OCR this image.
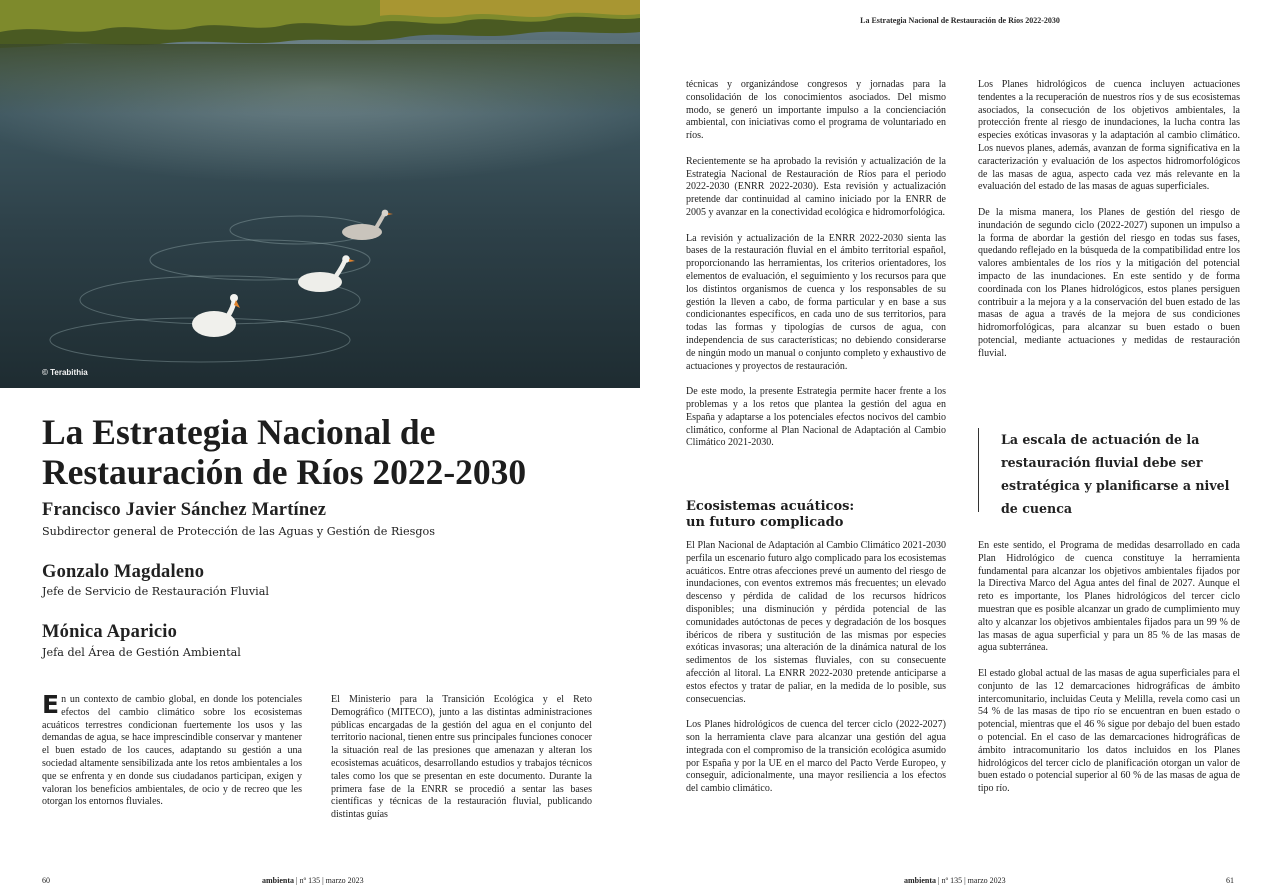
© Terabithia
La Estrategia Nacional de Restauración de Ríos 2022-2030
La Estrategia Nacional de
Restauración de Ríos 2022-2030
Francisco Javier Sánchez Martínez
Subdirector general de Protección de las Aguas y Gestión de Riesgos
Gonzalo Magdaleno
Jefe de Servicio de Restauración Fluvial
Mónica Aparicio
Jefa del Área de Gestión Ambiental

En un contexto de cambio global, en donde los potenciales efectos del cambio climático sobre los ecosistemas acuáticos terrestres condicionan fuertemente los usos y las demandas de agua, se hace imprescindible conservar y mantener el buen estado de los cauces, adaptando su gestión a una sociedad altamente sensibilizada ante los retos ambientales a los que se enfrenta y en donde sus ciudadanos participan, exigen y valoran los beneficios ambientales, de ocio y de recreo que les otorgan los entornos fluviales.

El Ministerio para la Transición Ecológica y el Reto Demográfico (MITECO), junto a las distintas administraciones públicas encargadas de la gestión del agua en el conjunto del territorio nacional, tienen entre sus principales funciones conocer la situación real de las presiones que amenazan y alteran los ecosistemas acuáticos, desarrollando estudios y trabajos técnicos tales como los que se presentan en este documento. Durante la primera fase de la ENRR se procedió a sentar las bases científicas y técnicas de la restauración fluvial, publicando distintas guías

técnicas y organizándose congresos y jornadas para la consolidación de los conocimientos asociados. Del mismo modo, se generó un importante impulso a la concienciación ambiental, con iniciativas como el programa de voluntariado en ríos.

Recientemente se ha aprobado la revisión y actualización de la Estrategia Nacional de Restauración de Ríos para el periodo 2022-2030 (ENRR 2022-2030). Esta revisión y actualización pretende dar continuidad al camino iniciado por la ENRR de 2005 y avanzar en la conectividad ecológica e hidromorfológica.

La revisión y actualización de la ENRR 2022-2030 sienta las bases de la restauración fluvial en el ámbito territorial español, proporcionando las herramientas, los criterios orientadores, los elementos de evaluación, el seguimiento y los recursos para que los distintos organismos de cuenca y los responsables de su gestión la lleven a cabo, de forma particular y en base a sus condicionantes específicos, en cada uno de sus territorios, para todas las formas y tipologías de cursos de agua, con independencia de sus características; no debiendo considerarse de ningún modo un manual o conjunto completo y exhaustivo de actuaciones y proyectos de restauración.

De este modo, la presente Estrategia permite hacer frente a los problemas y a los retos que plantea la gestión del agua en España y adaptarse a los potenciales efectos nocivos del cambio climático, conforme al Plan Nacional de Adaptación al Cambio Climático 2021-2030.

Ecosistemas acuáticos:
un futuro complicado

El Plan Nacional de Adaptación al Cambio Climático 2021-2030 perfila un escenario futuro algo complicado para los ecosistemas acuáticos. Entre otras afecciones prevé un aumento del riesgo de inundaciones, con eventos extremos más frecuentes; un elevado descenso y pérdida de calidad de los recursos hídricos disponibles; una disminución y pérdida potencial de las comunidades autóctonas de peces y degradación de los bosques ibéricos de ribera y sustitución de las mismas por especies exóticas invasoras; una alteración de la dinámica natural de los sedimentos de los sistemas fluviales, con su consecuente afección al litoral. La ENRR 2022-2030 pretende anticiparse a estos efectos y tratar de paliar, en la medida de lo posible, sus consecuencias.

Los Planes hidrológicos de cuenca del tercer ciclo (2022-2027) son la herramienta clave para alcanzar una gestión del agua integrada con el compromiso de la transición ecológica asumido por España y por la UE en el marco del Pacto Verde Europeo, y conseguir, adicionalmente, una mayor resiliencia a los efectos del cambio climático.

Los Planes hidrológicos de cuenca incluyen actuaciones tendentes a la recuperación de nuestros ríos y de sus ecosistemas asociados, la consecución de los objetivos ambientales, la protección frente al riesgo de inundaciones, la lucha contra las especies exóticas invasoras y la adaptación al cambio climático. Los nuevos planes, además, avanzan de forma significativa en la caracterización y evaluación de los aspectos hidromorfológicos de las masas de agua, aspecto cada vez más relevante en la evaluación del estado de las masas de aguas superficiales.

De la misma manera, los Planes de gestión del riesgo de inundación de segundo ciclo (2022-2027) suponen un impulso a la forma de abordar la gestión del riesgo en todas sus fases, quedando reflejado en la búsqueda de la compatibilidad entre los valores ambientales de los ríos y la mitigación del potencial impacto de las inundaciones. En este sentido y de forma coordinada con los Planes hidrológicos, estos planes persiguen contribuir a la mejora y a la conservación del buen estado de las masas de agua a través de la mejora de sus condiciones hidromorfológicas, para alcanzar su buen estado o buen potencial, mediante actuaciones y medidas de restauración fluvial.

La escala de actuación de la
restauración fluvial debe ser
estratégica y planificarse a nivel
de cuenca

En este sentido, el Programa de medidas desarrollado en cada Plan Hidrológico de cuenca constituye la herramienta fundamental para alcanzar los objetivos ambientales fijados por la Directiva Marco del Agua antes del final de 2027. Aunque el reto es importante, los Planes hidrológicos del tercer ciclo muestran que es posible alcanzar un grado de cumplimiento muy alto y alcanzar los objetivos ambientales fijados para un 99 % de las masas de agua superficial y para un 85 % de las masas de agua subterránea.

El estado global actual de las masas de agua superficiales para el conjunto de las 12 demarcaciones hidrográficas de ámbito intercomunitario, incluidas Ceuta y Melilla, revela como casi un 54 % de las masas de tipo río se encuentran en buen estado o potencial, mientras que el 46 % sigue por debajo del buen estado o potencial. En el caso de las demarcaciones hidrográficas de ámbito intracomunitario los datos incluidos en los Planes hidrológicos del tercer ciclo de planificación otorgan un valor de buen estado o potencial superior al 60 % de las masas de agua de tipo río.

60	ambienta | nº 135 | marzo 2023	ambienta | nº 135 | marzo 2023	61
